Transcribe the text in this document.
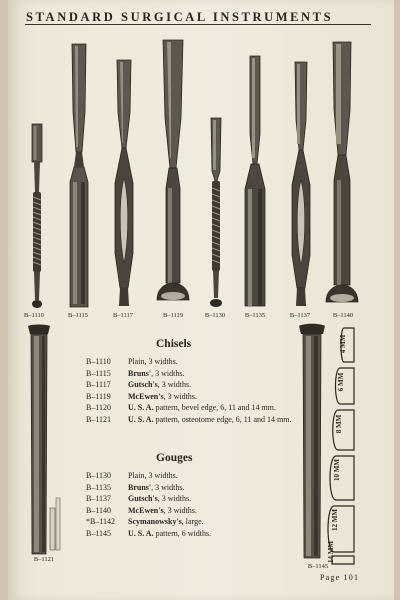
STANDARD SURGICAL INSTRUMENTS
B–1110	B–1115	B–1117	B–1119	B–1130	B–1135	B–1137	B–1140
B–1121
B–1145
4 MM
6 MM
8 MM
10 MM
12 MM
14 MM
Chisels
B–1110	Plain, 3 widths.
B–1115	Bruns', 3 widths.
B–1117	Gutsch's, 3 widths.
B–1119	McEwen's, 3 widths.
B–1120	U. S. A. pattern, bevel edge, 6, 11 and 14 mm.
B–1121	U. S. A. pattern, osteotome edge, 6, 11 and 14 mm.
Gouges
B–1130	Plain, 3 widths.
B–1135	Bruns', 3 widths.
B–1137	Gutsch's, 3 widths.
B–1140	McEwen's, 3 widths.
*B–1142	Scymanowsky's, large.
B–1145	U. S. A. pattern, 6 widths.
Page 101
